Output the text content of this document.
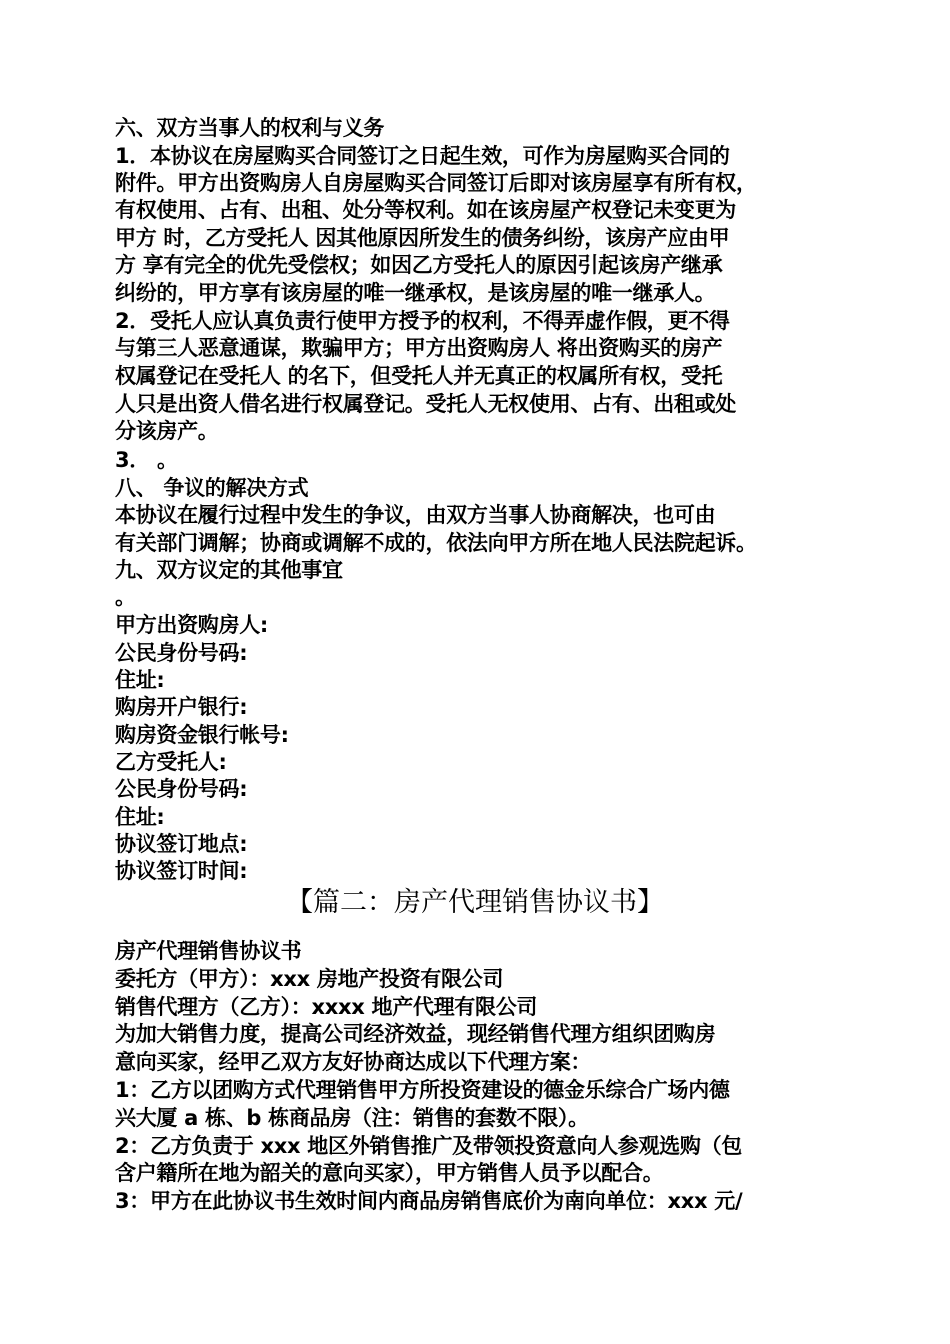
六、双方当事人的权利与义务
1．本协议在房屋购买合同签订之日起生效，可作为房屋购买合同的
附件。甲方出资购房人自房屋购买合同签订后即对该房屋享有所有权，
有权使用、占有、出租、处分等权利。如在该房屋产权登记未变更为
甲方 时，乙方受托人 因其他原因所发生的债务纠纷，该房产应由甲
方 享有完全的优先受偿权；如因乙方受托人的原因引起该房产继承
纠纷的，甲方享有该房屋的唯一继承权，是该房屋的唯一继承人。
2．受托人应认真负责行使甲方授予的权利，不得弄虚作假，更不得
与第三人恶意通谋，欺骗甲方；甲方出资购房人 将出资购买的房产
权属登记在受托人 的名下，但受托人并无真正的权属所有权，受托
人只是出资人借名进行权属登记。受托人无权使用、占有、出租或处
分该房产。
3． 。
八、 争议的解决方式
本协议在履行过程中发生的争议，由双方当事人协商解决，也可由
有关部门调解；协商或调解不成的，依法向甲方所在地人民法院起诉。
九、双方议定的其他事宜
。
甲方出资购房人:
公民身份号码:
住址:
购房开户银行:
购房资金银行帐号:
乙方受托人:
公民身份号码:
住址:
协议签订地点:
协议签订时间:
【篇二：房产代理销售协议书】
房产代理销售协议书
委托方（甲方）：xxx 房地产投资有限公司
销售代理方（乙方）：xxxx 地产代理有限公司
为加大销售力度，提高公司经济效益，现经销售代理方组织团购房
意向买家，经甲乙双方友好协商达成以下代理方案：
1：乙方以团购方式代理销售甲方所投资建设的德金乐综合广场内德
兴大厦 a 栋、b 栋商品房（注：销售的套数不限）。
2：乙方负责于 xxx 地区外销售推广及带领投资意向人参观选购（包
含户籍所在地为韶关的意向买家），甲方销售人员予以配合。
3：甲方在此协议书生效时间内商品房销售底价为南向单位：xxx 元/
